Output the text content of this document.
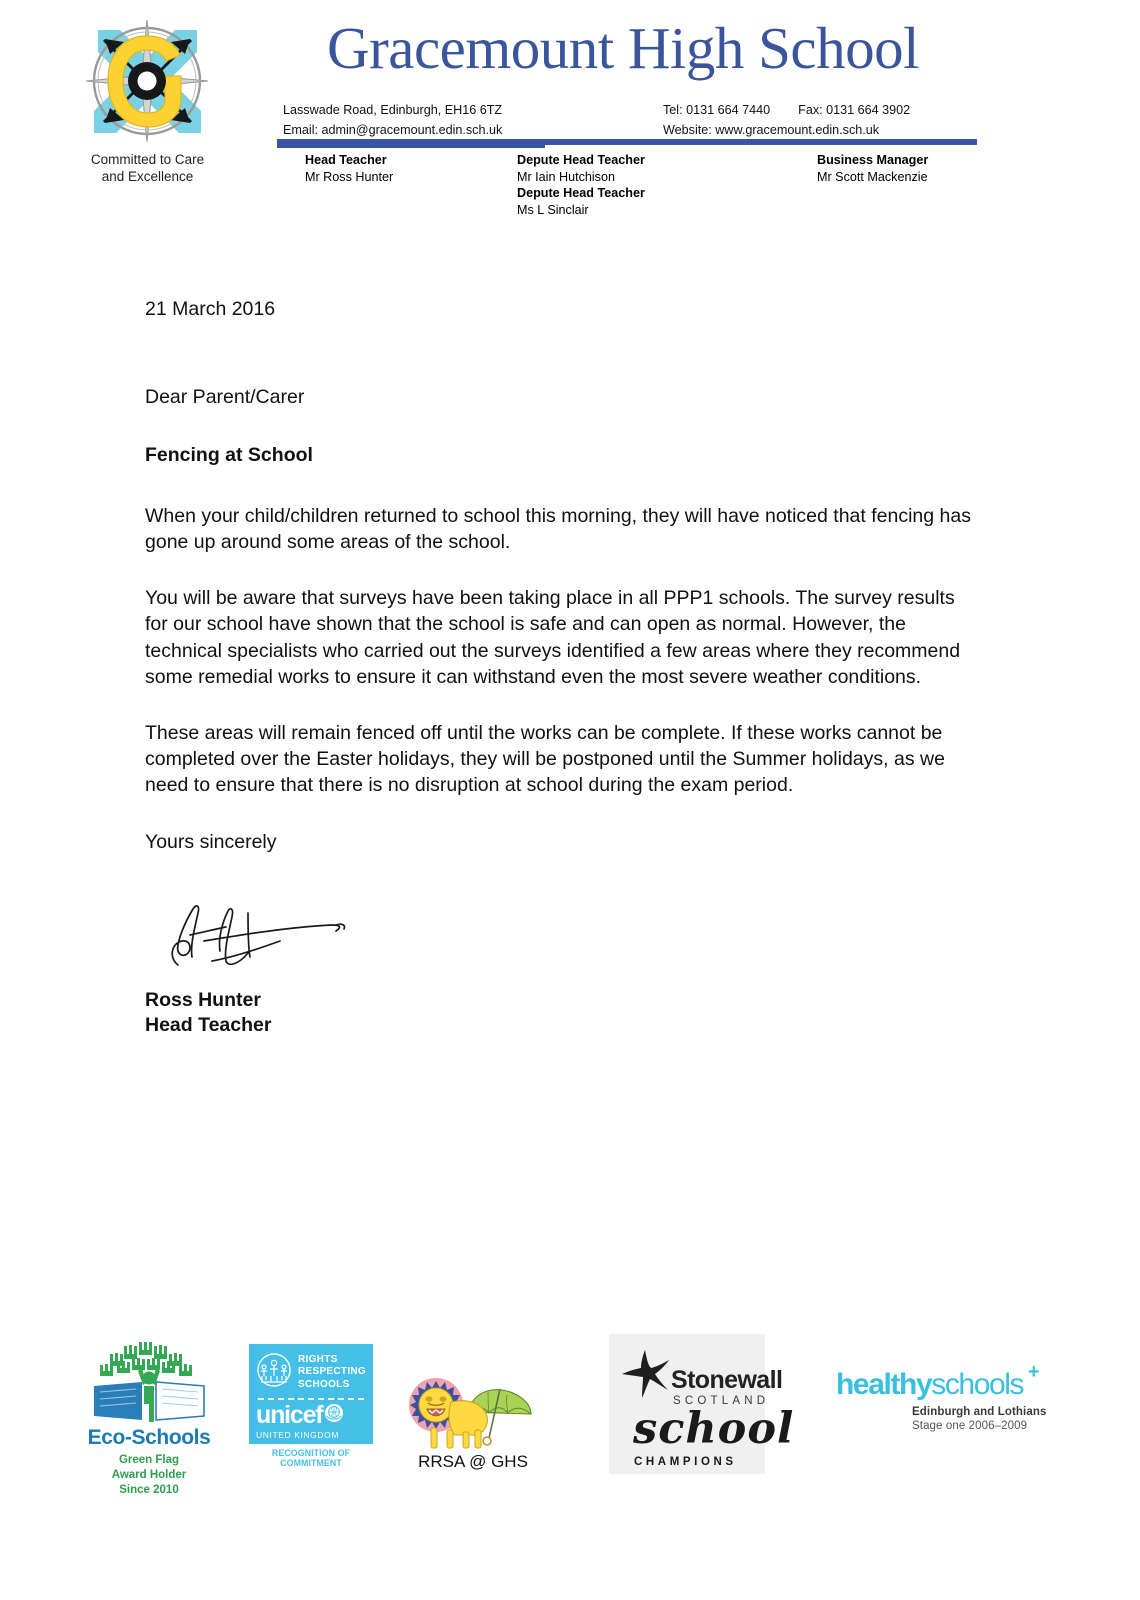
Committed to Care
and Excellence
Gracemount High School
Lasswade Road, Edinburgh, EH16 6TZ
Email: admin@gracemount.edin.sch.uk
Tel: 0131 664 7440 Fax: 0131 664 3902
Website: www.gracemount.edin.sch.uk
Head Teacher
Mr Ross Hunter
Depute Head Teacher
Mr Iain Hutchison
Depute Head Teacher
Ms L Sinclair
Business Manager
Mr Scott Mackenzie
21 March 2016
Dear Parent/Carer
Fencing at School

When your child/children returned to school this morning, they will have noticed that fencing has gone up around some areas of the school.

You will be aware that surveys have been taking place in all PPP1 schools. The survey results for our school have shown that the school is safe and can open as normal. However, the technical specialists who carried out the surveys identified a few areas where they recommend some remedial works to ensure it can withstand even the most severe weather conditions.

These areas will remain fenced off until the works can be complete. If these works cannot be completed over the Easter holidays, they will be postponed until the Summer holidays, as we need to ensure that there is no disruption at school during the exam period.

Yours sincerely
Ross Hunter
Head Teacher
Eco-Schools
Green Flag
Award Holder
Since 2010
RIGHTS
RESPECTING
SCHOOLS
unicef
UNITED KINGDOM
RECOGNITION OF COMMITMENT	RRSA @ GHS
Stonewall
SCOTLAND
school
CHAMPIONS
healthyschools +
Edinburgh and Lothians
Stage one 2006–2009
